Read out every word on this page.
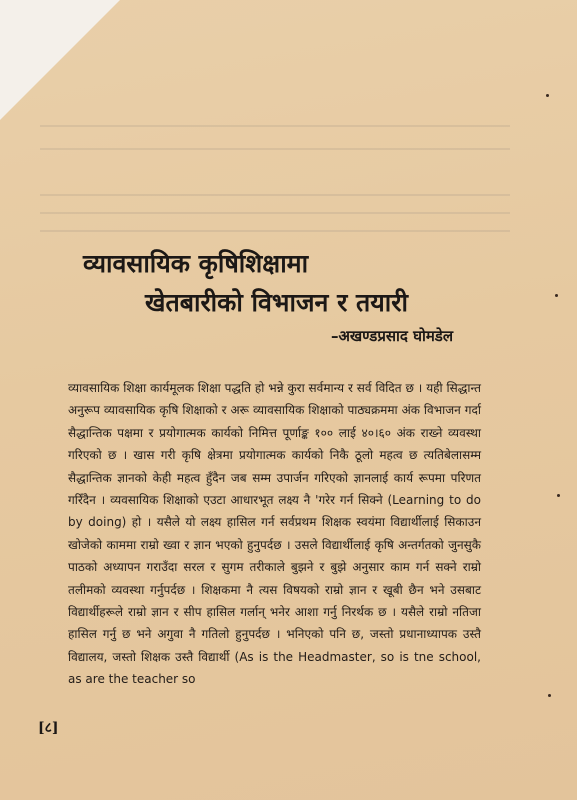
व्यावसायिक कृषिशिक्षामा
खेतबारीको विभाजन र तयारी

–अखण्डप्रसाद घोमडेल

व्यावसायिक शिक्षा कार्यमूलक शिक्षा पद्धति हो भन्ने कुरा सर्वमान्य र सर्व विदित छ । यही सिद्धान्त अनुरूप व्यावसायिक कृषि शिक्षाको र अरू व्यावसायिक शिक्षाको पाठ्यक्रममा अंक विभाजन गर्दा सैद्धान्तिक पक्षमा र प्रयोगात्मक कार्यको निमित्त पूर्णाङ्क १०० लाई ४०।६० अंक राख्ने व्यवस्था गरिएको छ । खास गरी कृषि क्षेत्रमा प्रयोगात्मक कार्यको निकै ठूलो महत्व छ त्यतिबेलासम्म सैद्धान्तिक ज्ञानको केही महत्व हुँदैन जब सम्म उपार्जन गरिएको ज्ञानलाई कार्य रूपमा परिणत गरिँदैन । व्यवसायिक शिक्षाको एउटा आधारभूत लक्ष्य नै 'गरेर गर्न सिक्ने (Learning to do by doing) हो । यसैले यो लक्ष्य हासिल गर्न सर्वप्रथम शिक्षक स्वयंमा विद्यार्थीलाई सिकाउन खोजेको काममा राम्रो ख्वा र ज्ञान भएको हुनुपर्दछ । उसले विद्यार्थीलाई कृषि अन्तर्गतको जुनसुकै पाठको अध्यापन गराउँदा सरल र सुगम तरीकाले बुझने र बुझे अनुसार काम गर्न सक्ने राम्रो तलीमको व्यवस्था गर्नुपर्दछ । शिक्षकमा नै त्यस विषयको राम्रो ज्ञान र खूबी छैन भने उसबाट विद्यार्थीहरूले राम्रो ज्ञान र सीप हासिल गर्लान् भनेर आशा गर्नु निरर्थक छ । यसैले राम्रो नतिजा हासिल गर्नु छ भने अगुवा नै गतिलो हुनुपर्दछ । भनिएको पनि छ, जस्तो प्रधानाध्यापक उस्तै विद्यालय, जस्तो शिक्षक उस्तै विद्यार्थी (As is the Headmaster, so is tne school, as are the teacher so

[८]
